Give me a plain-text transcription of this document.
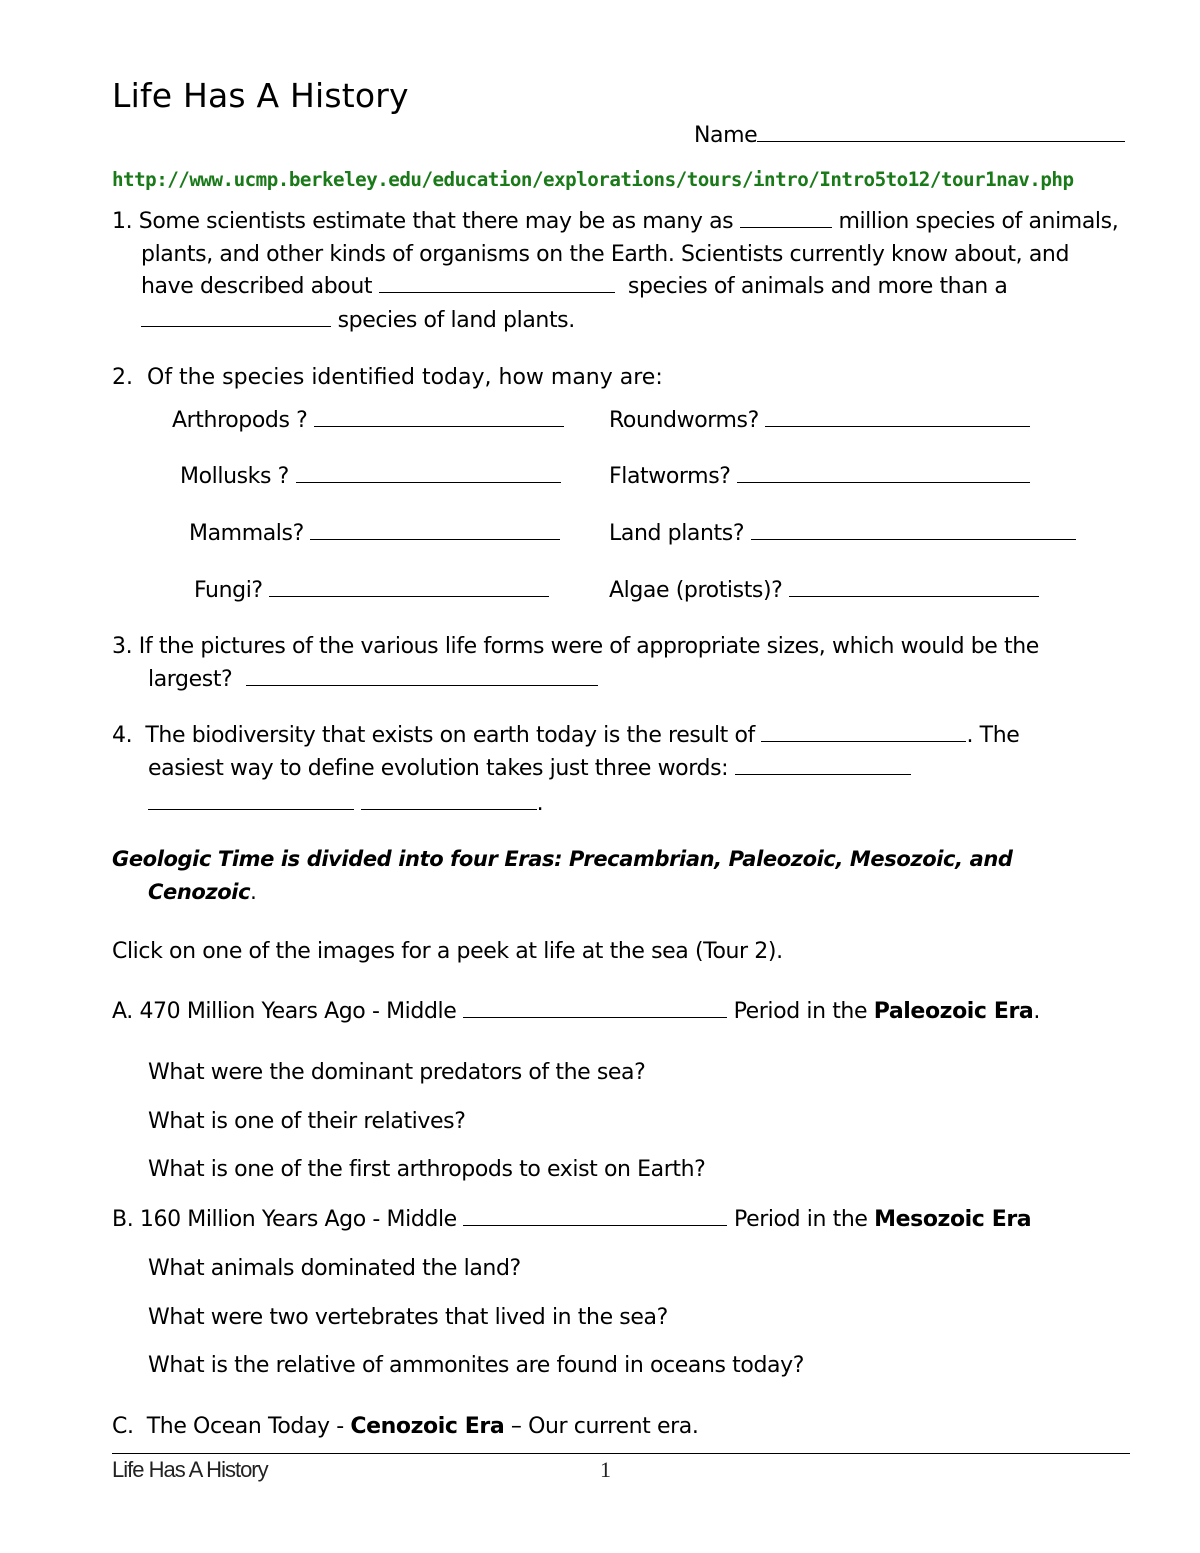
Life Has A History
Name
http://www.ucmp.berkeley.edu/education/explorations/tours/intro/Intro5to12/tour1nav.php
1. Some scientists estimate that there may be as many as	million species of animals,
plants, and other kinds of organisms on the Earth. Scientists currently know about, and
have described about	species of animals and more than a
species of land plants.
2. Of the species identified today, how many are:
Arthropods ?	Roundworms?
Mollusks ?	Flatworms?
Mammals?	Land plants?
Fungi?	Algae (protists)?
3. If the pictures of the various life forms were of appropriate sizes, which would be the
largest?
4. The biodiversity that exists on earth today is the result of	. The
easiest way to define evolution takes just three words:
.
Geologic Time is divided into four Eras: Precambrian, Paleozoic, Mesozoic, and
Cenozoic.
Click on one of the images for a peek at life at the sea (Tour 2).
A. 470 Million Years Ago - Middle	Period in the Paleozoic Era.
What were the dominant predators of the sea?
What is one of their relatives?
What is one of the first arthropods to exist on Earth?
B. 160 Million Years Ago - Middle	Period in the Mesozoic Era
What animals dominated the land?
What were two vertebrates that lived in the sea?
What is the relative of ammonites are found in oceans today?
C.  The Ocean Today - Cenozoic Era – Our current era.
Life Has A History	1
